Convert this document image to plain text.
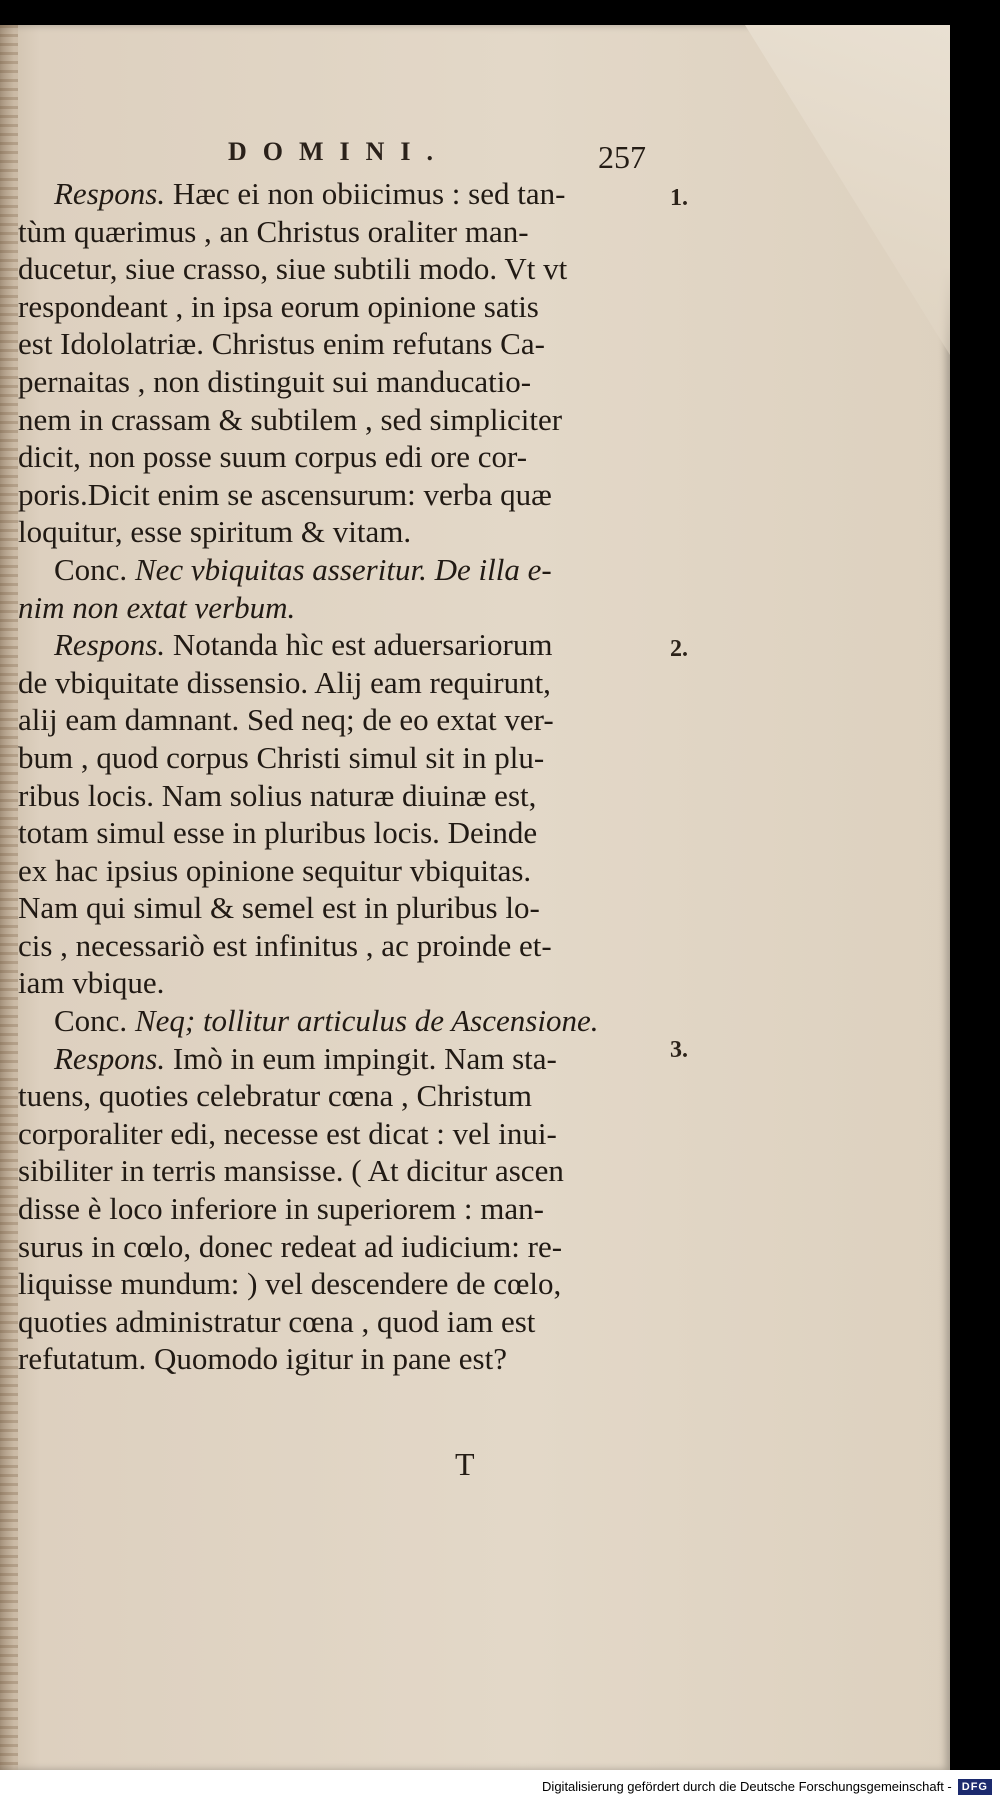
DOMINI.	257
Respons. Hæc ei non obiicimus : sed tan-
tùm quærimus , an Christus oraliter man-
ducetur, siue crasso, siue subtili modo. Vt vt
respondeant , in ipsa eorum opinione satis
est Idololatriæ. Christus enim refutans Ca-
pernaitas , non distinguit sui manducatio-
nem in crassam & subtilem , sed simpliciter
dicit, non posse suum corpus edi ore cor-
poris.Dicit enim se ascensurum: verba quæ
loquitur, esse spiritum & vitam.
Conc. Nec vbiquitas asseritur. De illa e-
nim non extat verbum.
Respons. Notanda hìc est aduersariorum
de vbiquitate dissensio. Alij eam requirunt,
alij eam damnant. Sed neq; de eo extat ver-
bum , quod corpus Christi simul sit in plu-
ribus locis. Nam solius naturæ diuinæ est,
totam simul esse in pluribus locis. Deinde
ex hac ipsius opinione sequitur vbiquitas.
Nam qui simul & semel est in pluribus lo-
cis , necessariò est infinitus , ac proinde et-
iam vbique.
Conc. Neq; tollitur articulus de Ascensione.
Respons. Imò in eum impingit. Nam sta-
tuens, quoties celebratur cœna , Christum
corporaliter edi, necesse est dicat : vel inui-
sibiliter in terris mansisse. ( At dicitur ascen
disse è loco inferiore in superiorem : man-
surus in cœlo, donec redeat ad iudicium: re-
liquisse mundum: ) vel descendere de cœlo,
quoties administratur cœna , quod iam est
refutatum. Quomodo igitur in pane est?
1.
2.
3.
T
Digitalisierung gefördert durch die Deutsche Forschungsgemeinschaft - DFG
